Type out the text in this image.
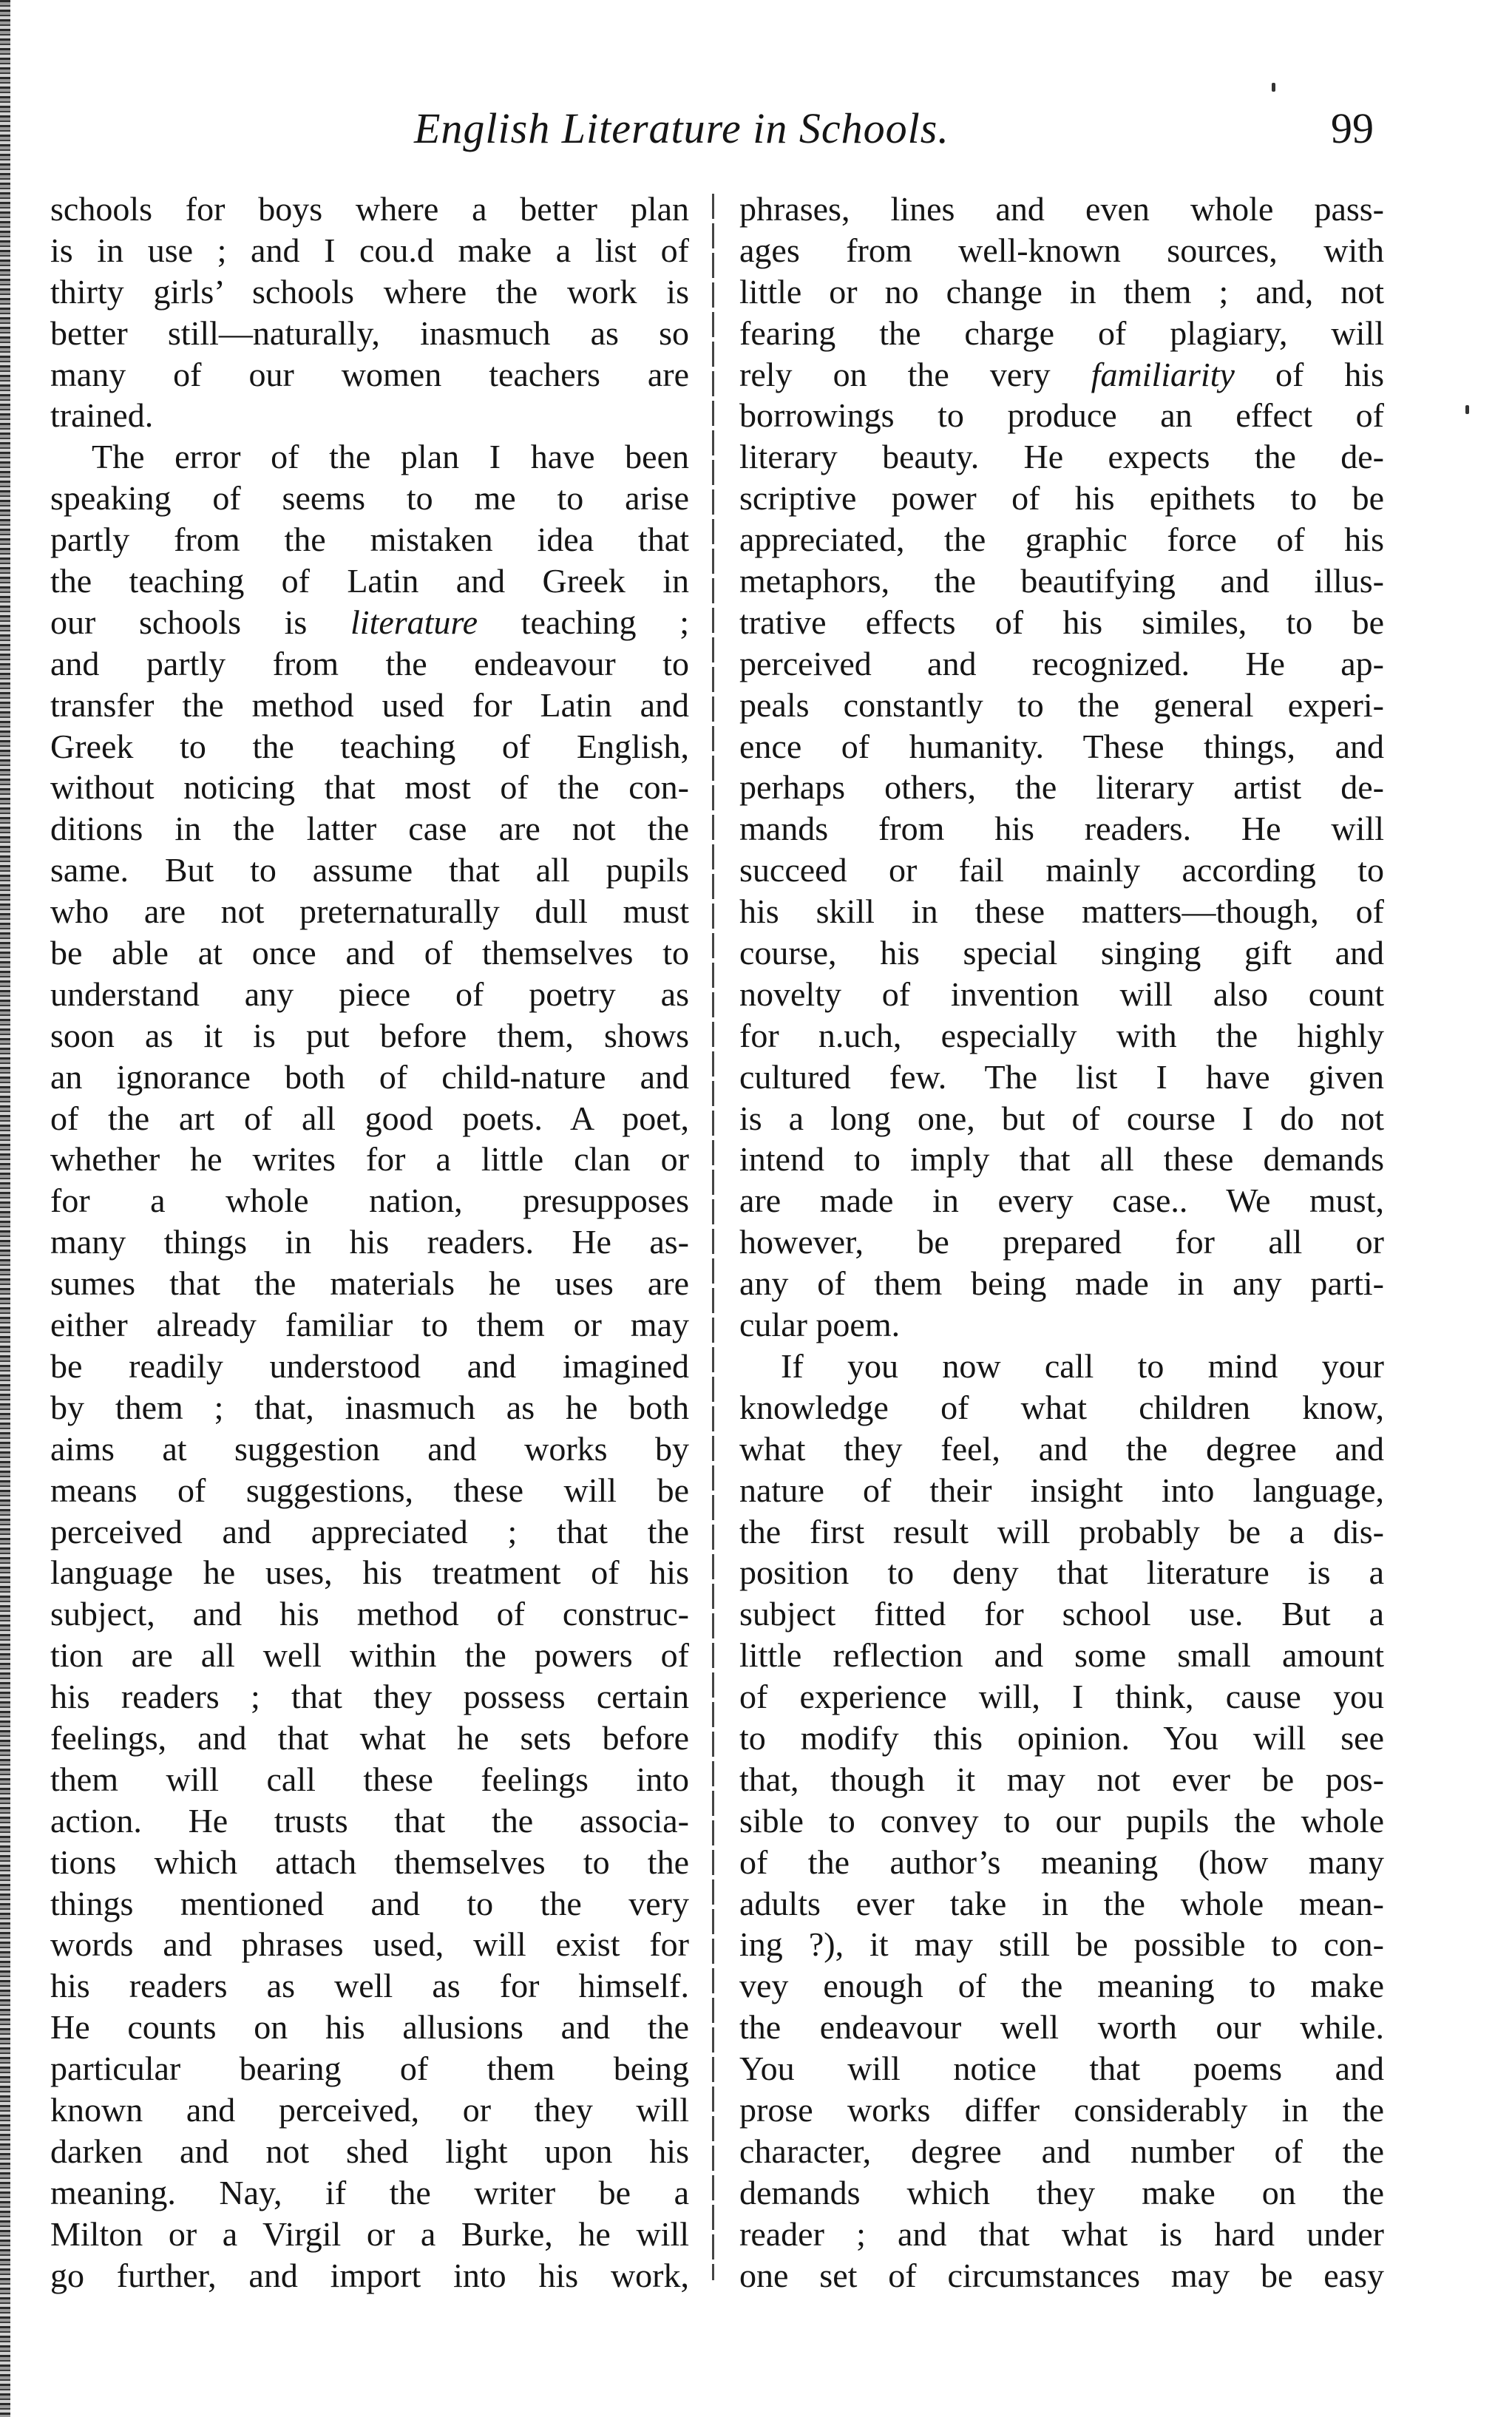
English Literature in Schools.	99
schools for boys where a better plan
is in use ; and I cou.d make a list of
thirty girls’ schools where the work is
better still—naturally, inasmuch as so
many of our women teachers are
trained.
The error of the plan I have been
speaking of seems to me to arise
partly from the mistaken idea that
the teaching of Latin and Greek in
our schools is literature teaching ;
and partly from the endeavour to
transfer the method used for Latin and
Greek to the teaching of English,
without noticing that most of the con-
ditions in the latter case are not the
same. But to assume that all pupils
who are not preternaturally dull must
be able at once and of themselves to
understand any piece of poetry as
soon as it is put before them, shows
an ignorance both of child-nature and
of the art of all good poets. A poet,
whether he writes for a little clan or
for a whole nation, presupposes
many things in his readers. He as-
sumes that the materials he uses are
either already familiar to them or may
be readily understood and imagined
by them ; that, inasmuch as he both
aims at suggestion and works by
means of suggestions, these will be
perceived and appreciated ; that the
language he uses, his treatment of his
subject, and his method of construc-
tion are all well within the powers of
his readers ; that they possess certain
feelings, and that what he sets before
them will call these feelings into
action. He trusts that the associa-
tions which attach themselves to the
things mentioned and to the very
words and phrases used, will exist for
his readers as well as for himself.
He counts on his allusions and the
particular bearing of them being
known and perceived, or they will
darken and not shed light upon his
meaning. Nay, if the writer be a
Milton or a Virgil or a Burke, he will
go further, and import into his work,
phrases, lines and even whole pass-
ages from well-known sources, with
little or no change in them ; and, not
fearing the charge of plagiary, will
rely on the very familiarity of his
borrowings to produce an effect of
literary beauty. He expects the de-
scriptive power of his epithets to be
appreciated, the graphic force of his
metaphors, the beautifying and illus-
trative effects of his similes, to be
perceived and recognized. He ap-
peals constantly to the general experi-
ence of humanity. These things, and
perhaps others, the literary artist de-
mands from his readers. He will
succeed or fail mainly according to
his skill in these matters—though, of
course, his special singing gift and
novelty of invention will also count
for n.uch, especially with the highly
cultured few. The list I have given
is a long one, but of course I do not
intend to imply that all these demands
are made in every case.. We must,
however, be prepared for all or
any of them being made in any parti-
cular poem.
If you now call to mind your
knowledge of what children know,
what they feel, and the degree and
nature of their insight into language,
the first result will probably be a dis-
position to deny that literature is a
subject fitted for school use. But a
little reflection and some small amount
of experience will, I think, cause you
to modify this opinion. You will see
that, though it may not ever be pos-
sible to convey to our pupils the whole
of the author’s meaning (how many
adults ever take in the whole mean-
ing ?), it may still be possible to con-
vey enough of the meaning to make
the endeavour well worth our while.
You will notice that poems and
prose works differ considerably in the
character, degree and number of the
demands which they make on the
reader ; and that what is hard under
one set of circumstances may be easy
